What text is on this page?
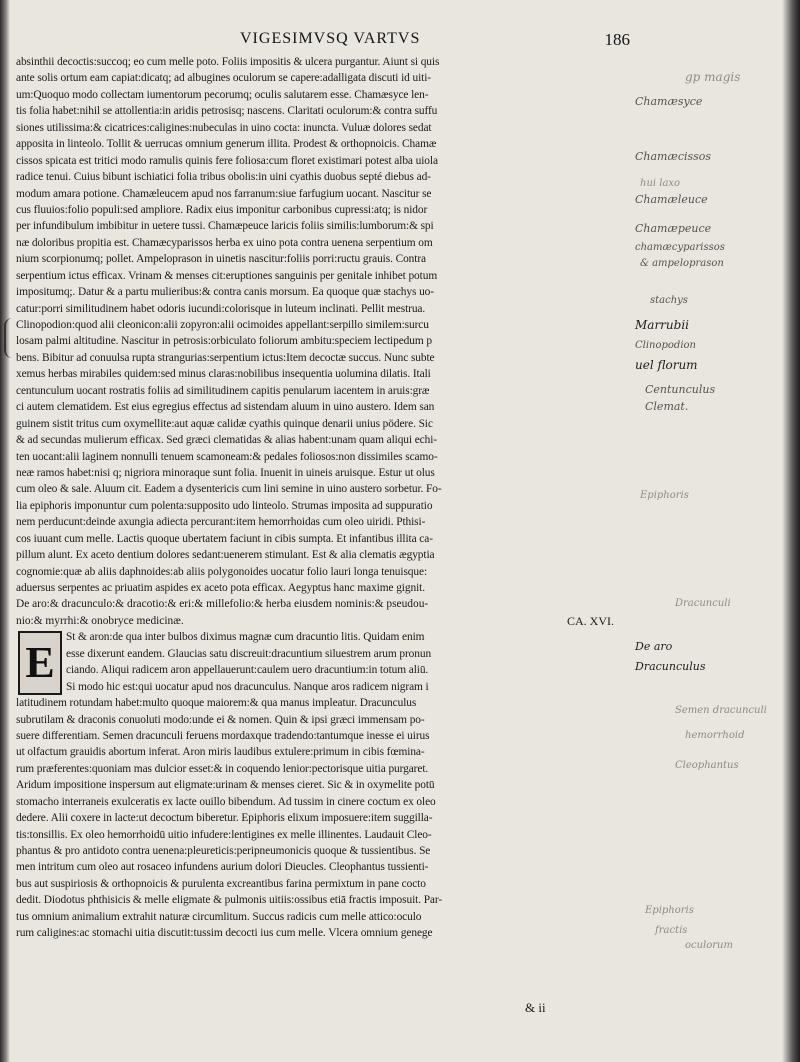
VIGESIMVSQ VARTVS	186
absinthii decoctis:succoq; eo cum melle poto. Foliis impositis & ulcera purgantur. Aiunt si quis
ante solis ortum eam capiat:dicatq; ad albugines oculorum se capere:adalligata discuti id uiti-
um:Quoquo modo collectam iumentorum pecorumq; oculis salutarem esse. Chamæsyce len-
tis folia habet:nihil se attollentia:in aridis petrosisq; nascens. Claritati oculorum:& contra suffu
siones utilissima:& cicatrices:caligines:nubeculas in uino cocta: inuncta. Vuluæ dolores sedat
apposita in linteolo. Tollit & uerrucas omnium generum illita. Prodest & orthopnoicis. Chamæ
cissos spicata est tritici modo ramulis quinis fere foliosa:cum floret existimari potest alba uiola
radice tenui. Cuius bibunt ischiatici folia tribus obolis:in uini cyathis duobus septé diebus ad-
modum amara potione. Chamæleucem apud nos farranum:siue farfugium uocant. Nascitur se
cus fluuios:folio populi:sed ampliore. Radix eius imponitur carbonibus cupressi:atq; is nidor
per infundibulum imbibitur in uetere tussi. Chamæpeuce laricis foliis similis:lumborum:& spi
næ doloribus propitia est. Chamæcyparissos herba ex uino pota contra uenena serpentium om
nium scorpionumq; pollet. Ampeloprason in uinetis nascitur:foliis porri:ructu grauis. Contra
serpentium ictus efficax. Vrinam & menses cit:eruptiones sanguinis per genitale inhibet potum
impositumq;. Datur & a partu mulieribus:& contra canis morsum. Ea quoque quæ stachys uo-
catur:porri similitudinem habet odoris iucundi:colorisque in luteum inclinati. Pellit mestrua.
Clinopodion:quod alii cleonicon:alii zopyron:alii ocimoides appellant:serpillo similem:surcu
losam palmi altitudine. Nascitur in petrosis:orbiculato foliorum ambitu:speciem lectipedum p
bens. Bibitur ad conuulsa rupta strangurias:serpentium ictus:Item decoctæ succus. Nunc subte
xemus herbas mirabiles quidem:sed minus claras:nobilibus insequentia uolumina dilatis. Itali
centunculum uocant rostratis foliis ad similitudinem capitis penularum iacentem in aruis:græ
ci autem clematidem. Est eius egregius effectus ad sistendam aluum in uino austero. Idem san
guinem sistit tritus cum oxymellite:aut aquæ calidæ cyathis quinque denarii unius pödere. Sic
& ad secundas mulierum efficax. Sed græci clematidas & alias habent:unam quam aliqui echi-
ten uocant:alii laginem nonnulli tenuem scamoneam:& pedales foliosos:non dissimiles scamo-
neæ ramos habet:nisi q; nigriora minoraque sunt folia. Inuenit in uineis aruisque. Estur ut olus
cum oleo & sale. Aluum cit. Eadem a dysentericis cum lini semine in uino austero sorbetur. Fo-
lia epiphoris imponuntur cum polenta:supposito udo linteolo. Strumas imposita ad suppuratio
nem perducunt:deinde axungia adiecta percurant:item hemorrhoidas cum oleo uiridi. Pthisi-
cos iuuant cum melle. Lactis quoque ubertatem faciunt in cibis sumpta. Et infantibus illita ca-
pillum alunt. Ex aceto dentium dolores sedant:uenerem stimulant. Est & alia clematis ægyptia
cognomie:quæ ab aliis daphnoides:ab aliis polygonoides uocatur folio lauri longa tenuisque:
aduersus serpentes ac priuatim aspides ex aceto pota efficax. Aegyptus hanc maxime gignit.
De aro:& dracunculo:& dracotio:& eri:& millefolio:& herba eiusdem nominis:& pseudou-
nio:& myrrhi:& onobryce medicinæ.	CA. XVI.
E
St & aron:de qua inter bulbos diximus magnæ cum dracuntio litis. Quidam enim
esse dixerunt eandem. Glaucias satu discreuit:dracuntium siluestrem arum pronun
ciando. Aliqui radicem aron appellauerunt:caulem uero dracuntium:in totum aliū.
Si modo hic est:qui uocatur apud nos dracunculus. Nanque aros radicem nigram i
latitudinem rotundam habet:multo quoque maiorem:& qua manus impleatur. Dracunculus
subrutilam & draconis conuoluti modo:unde ei & nomen. Quin & ipsi græci immensam po-
suere differentiam. Semen dracunculi feruens mordaxque tradendo:tantumque inesse ei uirus
ut olfactum grauidis abortum inferat. Aron miris laudibus extulere:primum in cibis fœmina-
rum præferentes:quoniam mas dulcior esset:& in coquendo lenior:pectorisque uitia purgaret.
Aridum impositione inspersum aut eligmate:urinam & menses cieret. Sic & in oxymelite potū
stomacho interraneis exulceratis ex lacte ouillo bibendum. Ad tussim in cinere coctum ex oleo
dedere. Alii coxere in lacte:ut decoctum biberetur. Epiphoris elixum imposuere:item suggilla-
tis:tonsillis. Ex oleo hemorrhoidū uitio infudere:lentigines ex melle illinentes. Laudauit Cleo-
phantus & pro antidoto contra uenena:pleureticis:peripneumonicis quoque & tussientibus. Se
men intritum cum oleo aut rosaceo infundens aurium dolori Dieucles. Cleophantus tussienti-
bus aut suspiriosis & orthopnoicis & purulenta excreantibus farina permixtum in pane cocto
dedit. Diodotus phthisicis & melle eligmate & pulmonis uitiis:ossibus etiā fractis imposuit. Par-
tus omnium animalium extrahit naturæ circumlitum. Succus radicis cum melle attico:oculo
rum caligines:ac stomachi uitia discutit:tussim decocti ius cum melle. Vlcera omnium genege
& ii
gp magis
Chamæsyce
Chamæcissos
hui laxo
Chamæleuce
Chamæpeuce
chamæcyparissos
& ampeloprason
stachys
Marrubii
Clinopodion
uel florum
Centunculus
Clemat.
Epiphoris
Dracunculi
De aro
Dracunculus
Semen dracunculi
hemorrhoid
Cleophantus
Epiphoris
fractis
oculorum
